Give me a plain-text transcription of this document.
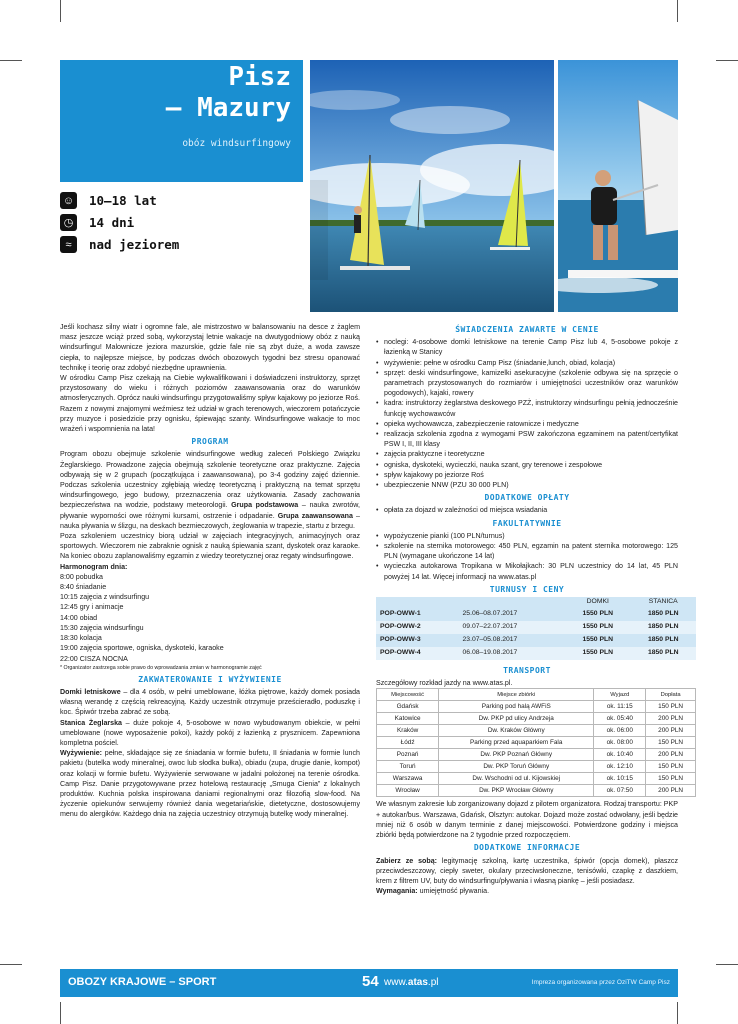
Pisz
– Mazury
obóz windsurfingowy
☺ 10–18 lat
◷ 14 dni
≈	nad jeziorem

Jeśli kochasz silny wiatr i ogromne fale, ale mistrzostwo w balansowaniu na desce z żaglem masz jeszcze wciąż przed sobą, wykorzystaj letnie wakacje na dwutygodniowy obóz z nauką windsurfingu! Malownicze jeziora mazurskie, gdzie fale nie są zbyt duże, a woda zawsze ciepła, to najlepsze miejsce, by podczas dwóch obozowych tygodni bez stresu opanować technikę i teorię oraz zdobyć niezbędne uprawnienia.

W ośrodku Camp Pisz czekają na Ciebie wykwalifikowani i doświadczeni instruktorzy, sprzęt przystosowany do wieku i różnych poziomów zaawansowania oraz do warunków atmosferycznych. Oprócz nauki windsurfingu przygotowaliśmy spływ kajakowy po jeziorze Roś. Razem z nowymi znajomymi weźmiesz też udział w grach terenowych, wieczorem potańczycie przy muzyce i posiedzicie przy ognisku, śpiewając szanty. Windsurfingowe wakacje to moc wrażeń i wspomnienia na lata!

PROGRAM

Program obozu obejmuje szkolenie windsurfingowe według zaleceń Polskiego Związku Żeglarskiego. Prowadzone zajęcia obejmują szkolenie teoretyczne oraz praktyczne. Zajęcia odbywają się w 2 grupach (początkująca i zaawansowana), po 3-4 godziny zajęć dziennie. Podczas szkolenia uczestnicy zgłębiają wiedzę teoretyczną i praktyczną na temat sprzętu windsurfingowego, jego budowy, przeznaczenia oraz użytkowania. Zasady zachowania bezpieczeństwa na wodzie, podstawy meteorologii. Grupa podstawowa – nauka zwrotów, pływanie wyporności owe różnymi kursami, ostrzenie i odpadanie. Grupa zaawansowana – nauka pływania w ślizgu, na deskach bezmieczowych, żeglowania w trapezie, startu z brzegu.

Poza szkoleniem uczestnicy biorą udział w zajęciach integracyjnych, animacyjnych oraz sportowych. Wieczorem nie zabraknie ognisk z nauką śpiewania szant, dyskotek oraz karaoke. Na koniec obozu zaplanowaliśmy egzamin z wiedzy teoretycznej oraz regaty windsurfingowe.

Harmonogram dnia:
8:00 pobudka
8:40 śniadanie
10:15 zajęcia z windsurfingu
12:45 gry i animacje
14:00 obiad
15:30 zajęcia windsurfingu
18:30 kolacja
19:00 zajęcia sportowe, ogniska, dyskoteki, karaoke
22:00 CISZA NOCNA

* Organizator zastrzega sobie prawo do wprowadzania zmian w harmonogramie zajęć

ZAKWATEROWANIE I WYŻYWIENIE

Domki letniskowe – dla 4 osób, w pełni umeblowane, łóżka piętrowe, każdy domek posiada własną werandę z częścią rekreacyjną. Każdy uczestnik otrzymuje prześcieradło, poduszkę i koc. Śpiwór trzeba zabrać ze sobą.

Stanica Żeglarska – duże pokoje 4, 5-osobowe w nowo wybudowanym obiekcie, w pełni umeblowane (nowe wyposażenie pokoi), każdy pokój z łazienką z prysznicem. Zapewniona kompletna pościel.

Wyżywienie: pełne, składające się ze śniadania w formie bufetu, II śniadania w formie lunch pakietu (butelka wody mineralnej, owoc lub słodka bułka), obiadu (zupa, drugie danie, kompot) oraz kolacji w formie bufetu. Wyżywienie serwowane w jadalni położonej na terenie ośrodka. Camp Pisz. Danie przygotowywane przez hotelową restaurację „Smuga Cienia” z lokalnych produktów. Kuchnia polska inspirowana daniami regionalnymi oraz filozofią slow-food. Na życzenie opiekunów serwujemy również dania wegetariańskie, dietetyczne, dostosowujemy menu do alergików. Każdego dnia na zajęcia uczestnicy otrzymują butelkę wody mineralnej.

ŚWIADCZENIA ZAWARTE W CENIE

• noclegi: 4-osobowe domki letniskowe na terenie Camp Pisz lub 4, 5-osobowe pokoje z łazienką w Stanicy

• wyżywienie: pełne w ośrodku Camp Pisz (śniadanie,lunch, obiad, kolacja)

• sprzęt: deski windsurfingowe, kamizelki asekuracyjne (szkolenie odbywa się na sprzęcie o parametrach przystosowanych do rozmiarów i umiejętności uczestników oraz warunków pogodowych), kajaki, rowery

• kadra: instruktorzy żeglarstwa deskowego PZŻ, instruktorzy windsurfingu pełnią jednocześnie funkcję wychowawców

• opieka wychowawcza, zabezpieczenie ratownicze i medyczne

• realizacja szkolenia zgodna z wymogami PSW zakończona egzaminem na patent/certyfikat PSW I, II, III klasy

• zajęcia praktyczne i teoretyczne

• ogniska, dyskoteki, wycieczki, nauka szant, gry terenowe i zespołowe

• spływ kajakowy po jeziorze Roś

• ubezpieczenie NNW (PZU 30 000 PLN)

DODATKOWE OPŁATY

• opłata za dojazd w zależności od miejsca wsiadania

FAKULTATYWNIE

• wypożyczenie pianki (100 PLN/turnus)

• szkolenie na sternika motorowego: 450 PLN, egzamin na patent sternika motorowego: 125 PLN (wymagane ukończone 14 lat)

• wycieczka autokarowa Tropikana w Mikołajkach: 30 PLN uczestnicy do 14 lat, 45 PLN powyżej 14 lat. Więcej informacji na www.atas.pl

TURNUSY I CENY
		DOMKI	STANICA
POP-OWW-1	25.06–08.07.2017	1550 PLN	1850 PLN
POP-OWW-2	09.07–22.07.2017	1550 PLN	1850 PLN
POP-OWW-3	23.07–05.08.2017	1550 PLN	1850 PLN
POP-OWW-4	06.08–19.08.2017	1550 PLN	1850 PLN
TRANSPORT

Szczegółowy rozkład jazdy na www.atas.pl.

Miejscowość	Miejsce zbiórki	Wyjazd	Dopłata
Gdańsk	Parking pod halą AWFiS	ok. 11:15	150 PLN
Katowice	Dw. PKP pd ulicy Andrzeja	ok. 05:40	200 PLN
Kraków	Dw. Kraków Główny	ok. 06:00	200 PLN
Łódź	Parking przed aquaparkiem Fala	ok. 08:00	150 PLN
Poznań	Dw. PKP Poznań Główny	ok. 10:40	200 PLN
Toruń	Dw. PKP Toruń Główny	ok. 12:10	150 PLN
Warszawa	Dw. Wschodni od ul. Kijowskiej	ok. 10:15	150 PLN
Wrocław	Dw. PKP Wrocław Główny	ok. 07:50	200 PLN

We własnym zakresie lub zorganizowany dojazd z pilotem organizatora. Rodzaj transportu: PKP + autokar/bus. Warszawa, Gdańsk, Olsztyn: autokar. Dojazd może zostać odwołany, jeśli będzie mniej niż 6 osób w danym terminie z danej miejscowości. Potwierdzone godziny i miejsca zbiórki będą potwierdzone na 2 tygodnie przed rozpoczęciem.

DODATKOWE INFORMACJE

Zabierz ze sobą: legitymację szkolną, kartę uczestnika, śpiwór (opcja domek), płaszcz przeciwdeszczowy, ciepły sweter, okulary przeciwsłoneczne, tenisówki, czapkę z daszkiem, krem z filtrem UV, buty do windsurfingu/pływania i własną piankę – jeśli posiadasz.

Wymagania: umiejętność pływania.

OBOZY KRAJOWE – SPORT	54 www.atas.pl	Impreza organizowana przez OziTW Camp Pisz
